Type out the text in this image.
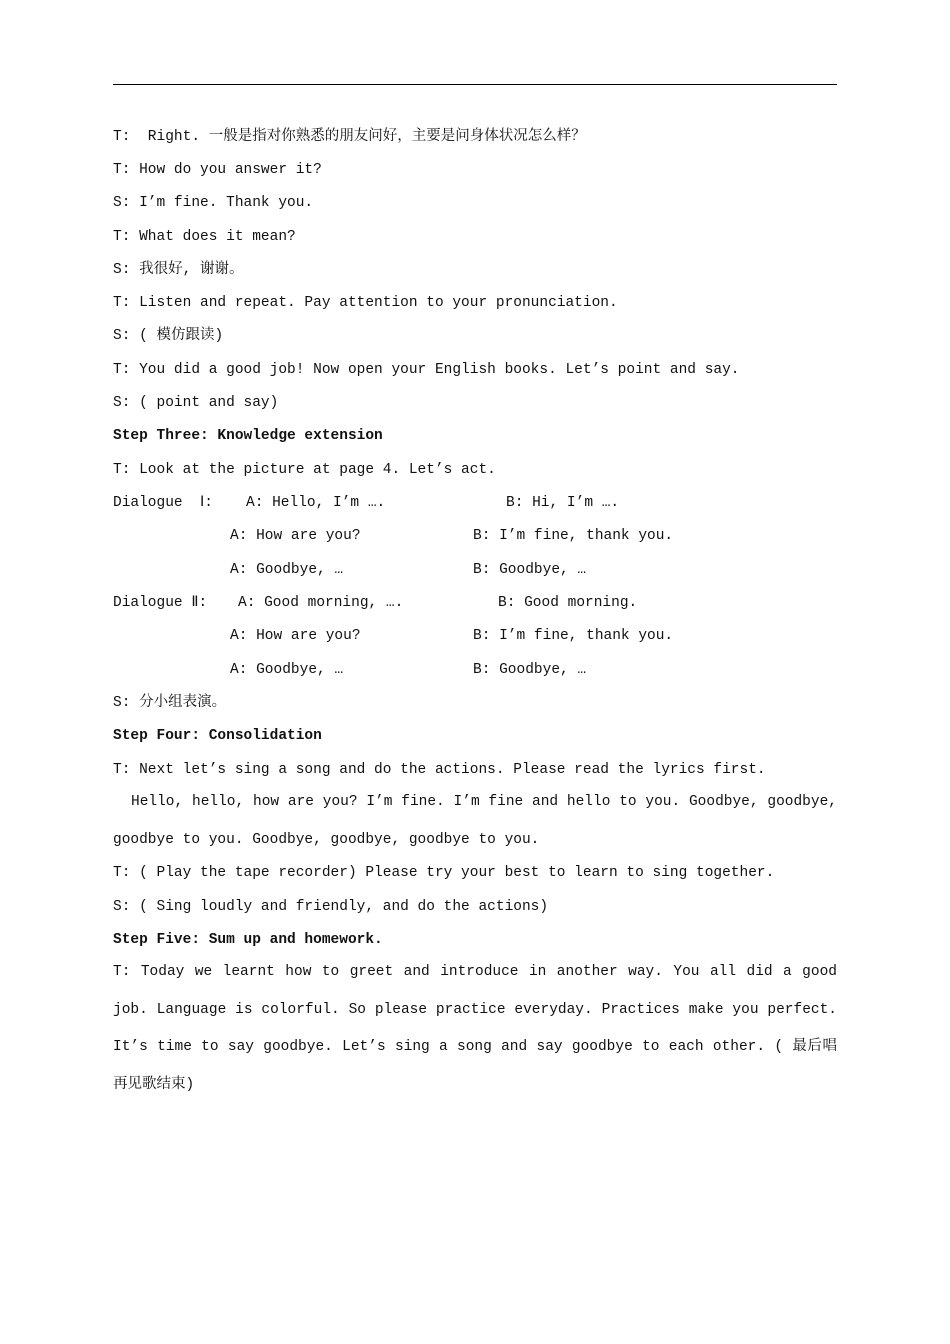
T:  Right. 一般是指对你熟悉的朋友问好，主要是问身体状况怎么样？
T: How do you answer it?
S: I’m fine. Thank you.
T: What does it mean?
S: 我很好, 谢谢。
T: Listen and repeat. Pay attention to your pronunciation.
S: ( 模仿跟读)
T: You did a good job! Now open your English books. Let’s point and say.
S: ( point and say)
Step Three: Knowledge extension
T: Look at the picture at page 4. Let’s act.
Dialogue  Ⅰ: A: Hello, I’m ….	B: Hi, I’m ….
A: How are you?	B: I’m fine, thank you.
A: Goodbye, …	B: Goodbye, …
Dialogue Ⅱ: A: Good morning, ….	B: Good morning.
A: How are you?	B: I’m fine, thank you.
A: Goodbye, …	B: Goodbye, …
S: 分小组表演。
Step Four: Consolidation
T: Next let’s sing a song and do the actions. Please read the lyrics first.
Hello, hello, how are you? I’m fine. I’m fine and hello to you. Goodbye, goodbye, goodbye to you. Goodbye, goodbye, goodbye to you.
T: ( Play the tape recorder) Please try your best to learn to sing together.
S: ( Sing loudly and friendly, and do the actions)
Step Five: Sum up and homework.
T: Today we learnt how to greet and introduce in another way. You all did a good job. Language is colorful. So please practice everyday. Practices make you perfect. It’s time to say goodbye. Let’s sing a song and say goodbye to each other. ( 最后唱再见歌结束)
